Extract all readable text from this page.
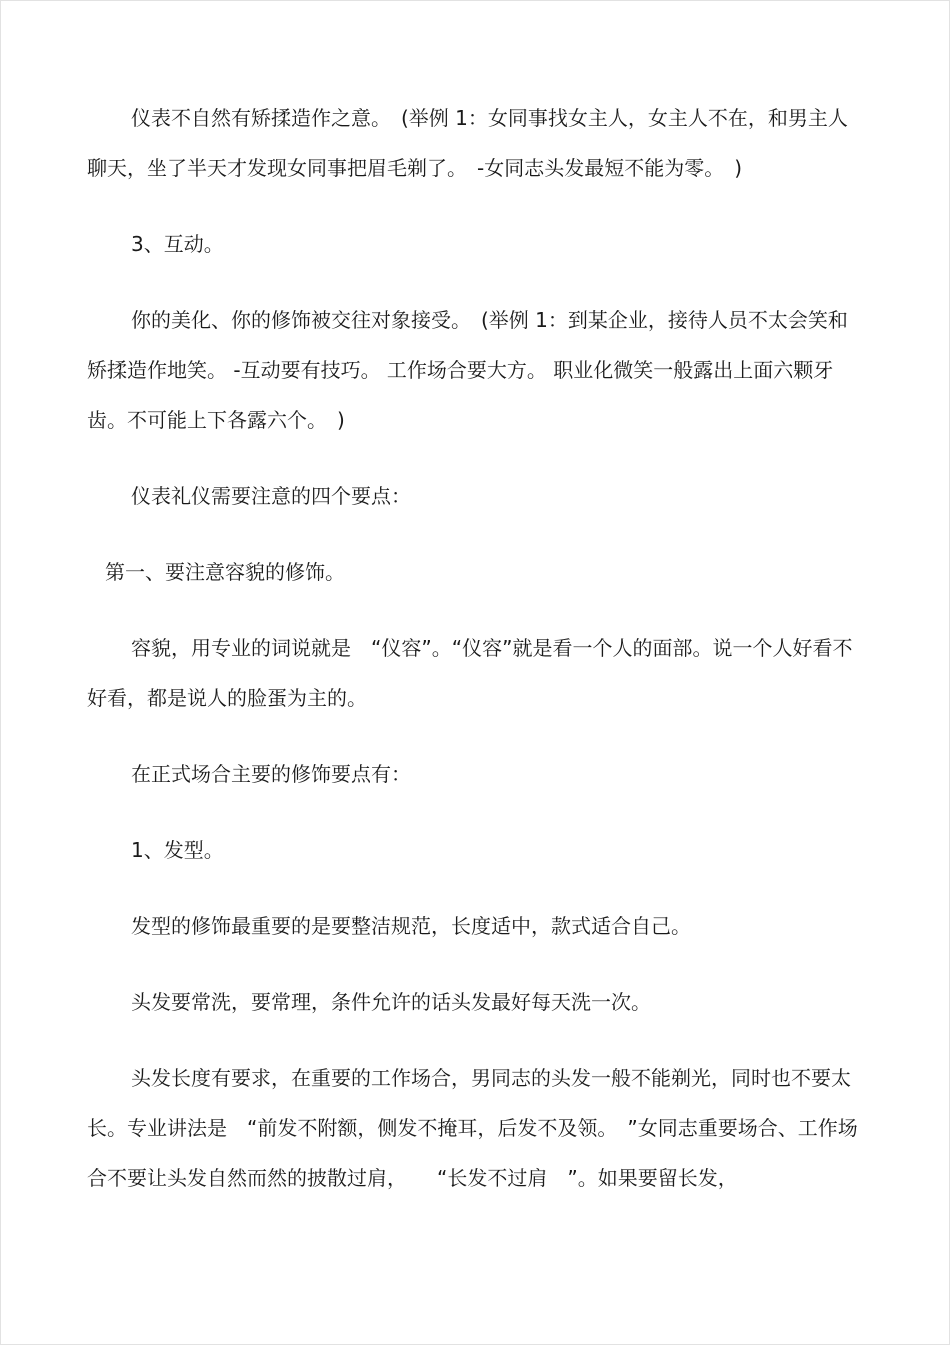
仪表不自然有矫揉造作之意。　(举例 1：女同事找女主人，女主人不在，和男主人聊天，坐了半天才发现女同事把眉毛剃了。　-女同志头发最短不能为零。　)

3、互动。

你的美化、你的修饰被交往对象接受。　(举例 1：到某企业，接待人员不太会笑和矫揉造作地笑。 -互动要有技巧。 工作场合要大方。 职业化微笑一般露出上面六颗牙齿。不可能上下各露六个。　)

仪表礼仪需要注意的四个要点：

第一、要注意容貌的修饰。

容貌，用专业的词说就是　“仪容”。“仪容”就是看一个人的面部。说一个人好看不好看，都是说人的脸蛋为主的。

在正式场合主要的修饰要点有：

1、发型。

发型的修饰最重要的是要整洁规范，长度适中，款式适合自己。

头发要常洗，要常理，条件允许的话头发最好每天洗一次。

头发长度有要求，在重要的工作场合，男同志的头发一般不能剃光，同时也不要太长。专业讲法是　“前发不附额，侧发不掩耳，后发不及领。　”女同志重要场合、工作场合不要让头发自然而然的披散过肩，　　“长发不过肩　”。如果要留长发，
